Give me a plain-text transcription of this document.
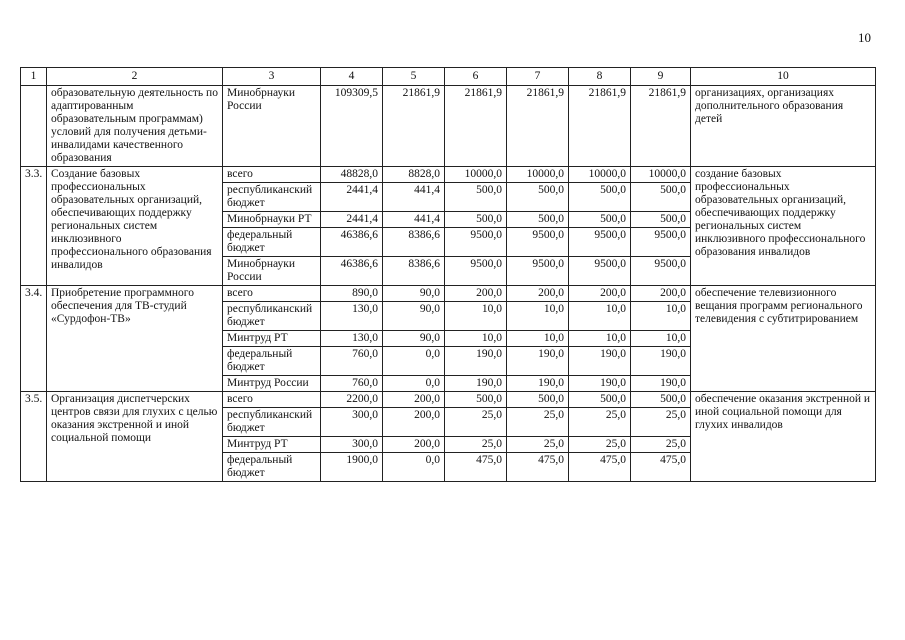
10
1	2	3	4	5	6	7	8	9	10
	образовательную деятельность по адаптированным образовательным программам) условий для получения детьми-инвалидами качественного образования	Минобрнауки России	109309,5	21861,9	21861,9	21861,9	21861,9	21861,9	организациях, организациях дополнительного образования детей
3.3.	Создание базовых профессиональных образовательных организаций, обеспечивающих поддержку региональных систем инклюзивного профессионального образования инвалидов	всего	48828,0	8828,0	10000,0	10000,0	10000,0	10000,0	создание базовых профессиональных образовательных организаций, обеспечивающих поддержку региональных систем инклюзивного профессионального образования инвалидов
		республиканский бюджет	2441,4	441,4	500,0	500,0	500,0	500,0	
		Минобрнауки РТ	2441,4	441,4	500,0	500,0	500,0	500,0	
		федеральный бюджет	46386,6	8386,6	9500,0	9500,0	9500,0	9500,0	
		Минобрнауки России	46386,6	8386,6	9500,0	9500,0	9500,0	9500,0	
3.4.	Приобретение программного обеспечения для ТВ-студий «Сурдофон-ТВ»	всего	890,0	90,0	200,0	200,0	200,0	200,0	обеспечение телевизионного вещания программ регионального телевидения с субтитрированием
		республиканский бюджет	130,0	90,0	10,0	10,0	10,0	10,0	
		Минтруд РТ	130,0	90,0	10,0	10,0	10,0	10,0	
		федеральный бюджет	760,0	0,0	190,0	190,0	190,0	190,0	
		Минтруд России	760,0	0,0	190,0	190,0	190,0	190,0	
3.5.	Организация диспетчерских центров связи для глухих с целью оказания экстренной и иной социальной помощи	всего	2200,0	200,0	500,0	500,0	500,0	500,0	обеспечение оказания экстренной и иной социальной помощи для глухих инвалидов
		республиканский бюджет	300,0	200,0	25,0	25,0	25,0	25,0	
		Минтруд РТ	300,0	200,0	25,0	25,0	25,0	25,0	
		федеральный бюджет	1900,0	0,0	475,0	475,0	475,0	475,0	
